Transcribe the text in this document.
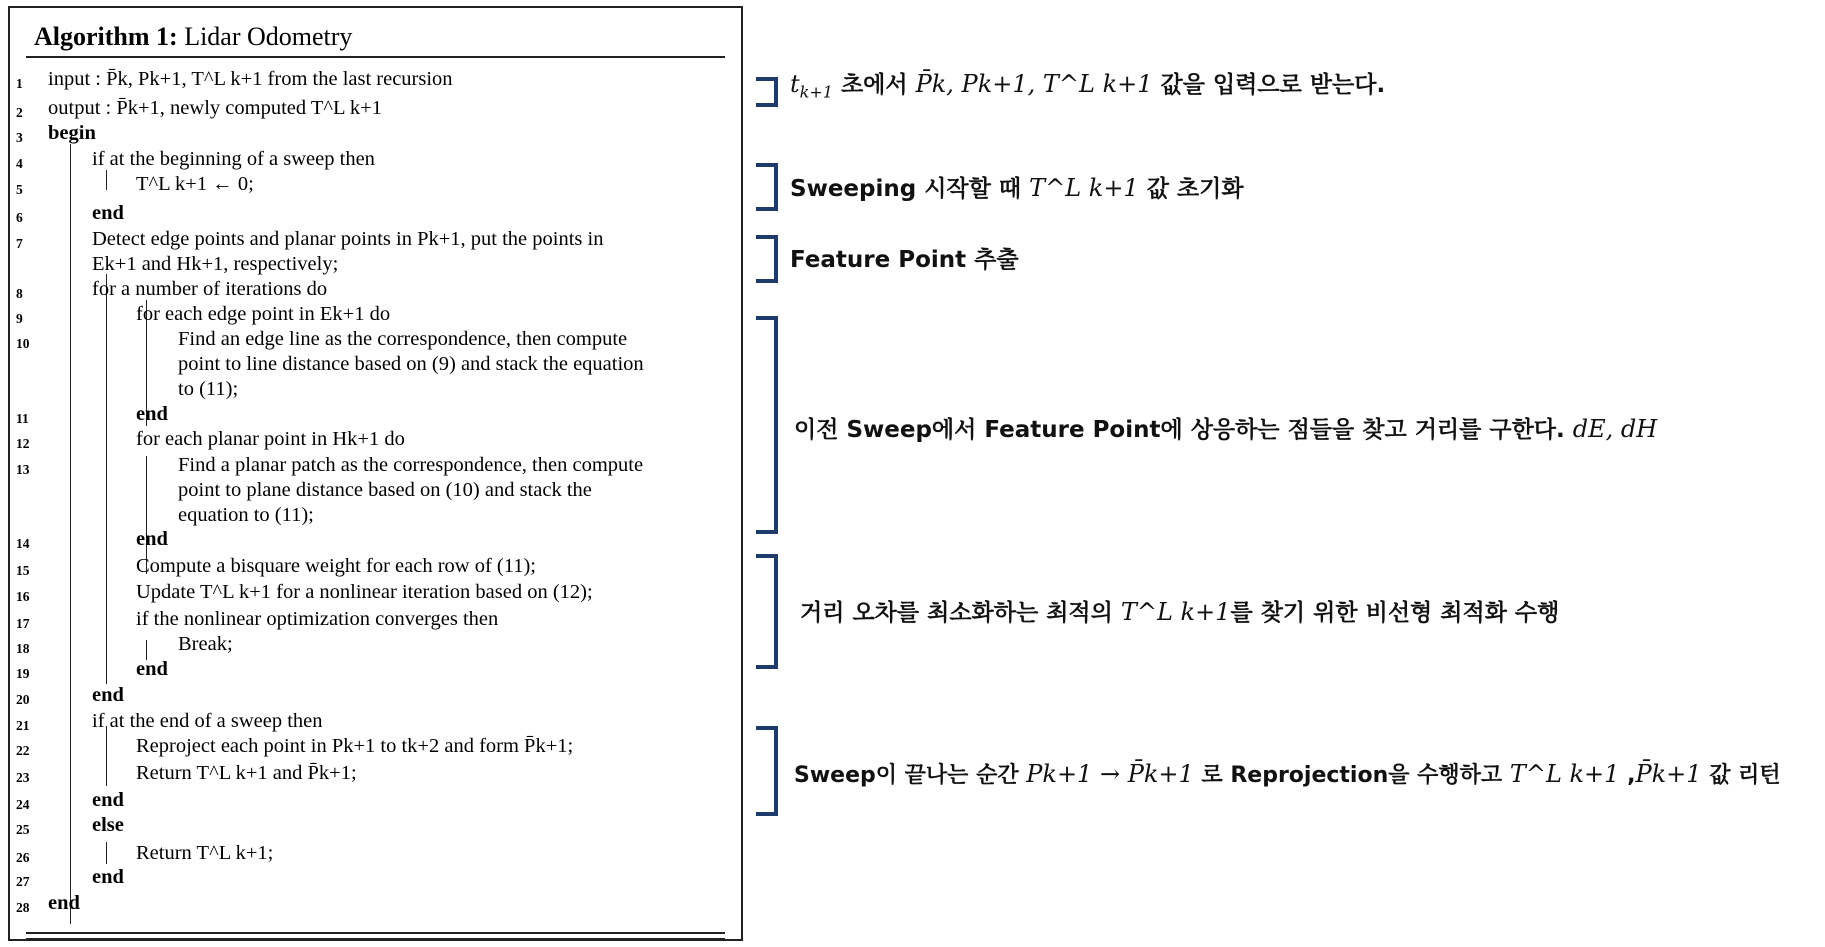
Algorithm 1: Lidar Odometry
1
2
3
4
5
6
7
8
9
10
11
12
13
14
15
16
17
18
19
20
21
22
23
24
25
26
27
28
input : P̄k, Pk+1, T^L k+1 from the last recursion
output : P̄k+1, newly computed T^L k+1
begin
if at the beginning of a sweep then
T^L k+1 ← 0;
end
Detect edge points and planar points in Pk+1, put the points in
Ek+1 and Hk+1, respectively;
for a number of iterations do
for each edge point in Ek+1 do
Find an edge line as the correspondence, then compute
point to line distance based on (9) and stack the equation
to (11);
end
for each planar point in Hk+1 do
Find a planar patch as the correspondence, then compute
point to plane distance based on (10) and stack the
equation to (11);
end
Compute a bisquare weight for each row of (11);
Update T^L k+1 for a nonlinear iteration based on (12);
if the nonlinear optimization converges then
Break;
end
end
if at the end of a sweep then
Reproject each point in Pk+1 to tk+2 and form P̄k+1;
Return T^L k+1 and P̄k+1;
end
else
Return T^L k+1;
end
end
$t_{k+1}$ 초에서 P̄k, Pk+1, T^L k+1 값을 입력으로 받는다.
Sweeping 시작할 때 T^L k+1 값 초기화
Feature Point 추출
이전 Sweep에서 Feature Point에 상응하는 점들을 찾고 거리를 구한다. dE, dH
거리 오차를 최소화하는 최적의 T^L k+1를 찾기 위한 비선형 최적화 수행
Sweep이 끝나는 순간 Pk+1 → P̄k+1 로 Reprojection을 수행하고 T^L k+1 ,P̄k+1 값 리턴
